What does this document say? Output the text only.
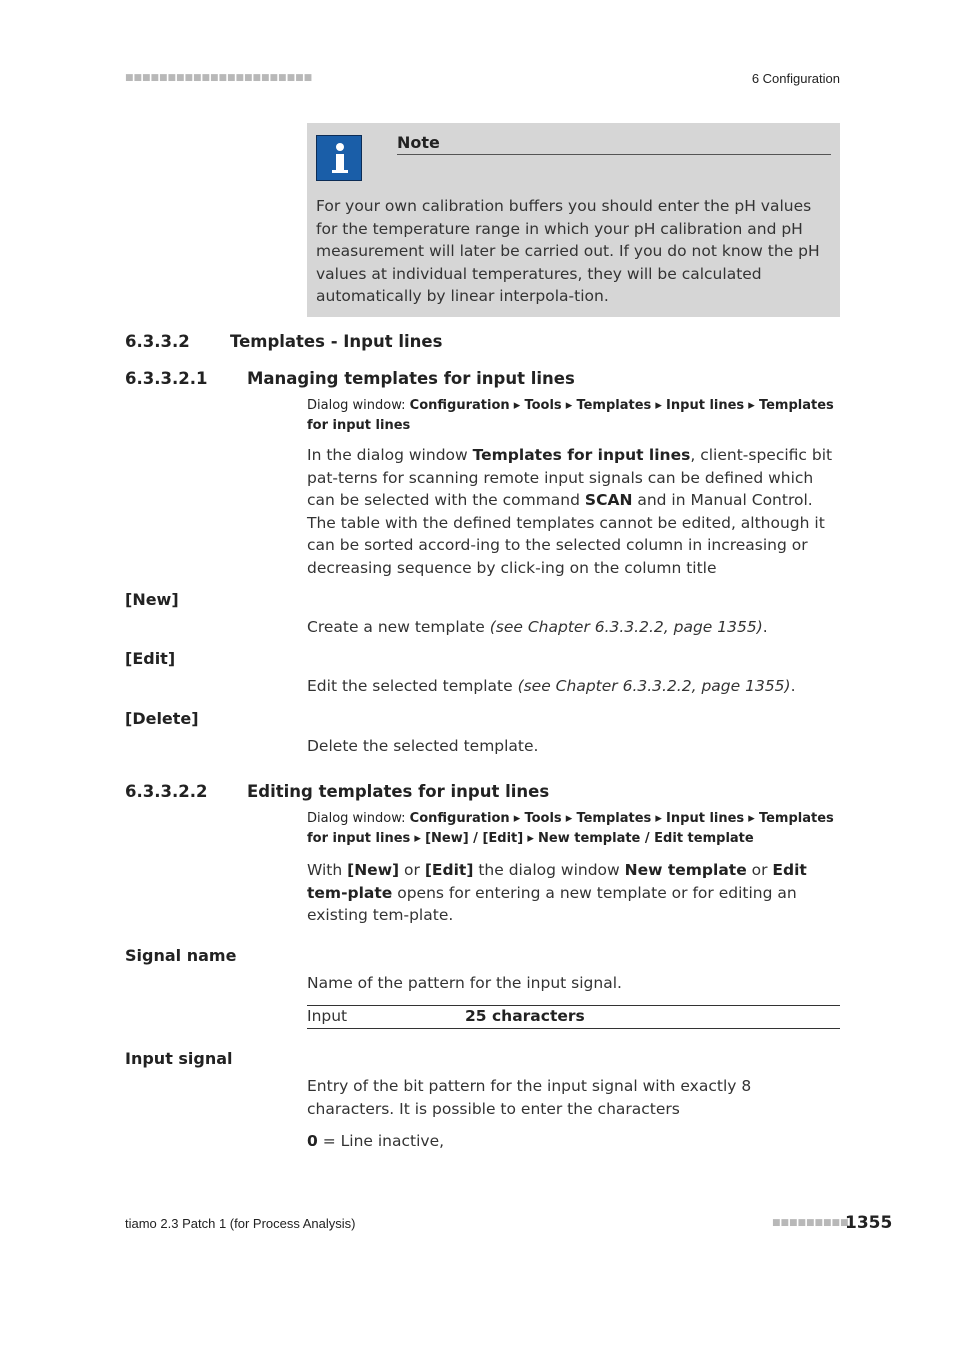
■■■■■■■■■■■■■■■■■■■■■■	6 Configuration
Note
For your own calibration buffers you should enter the pH values for the temperature range in which your pH calibration and pH measurement will later be carried out. If you do not know the pH values at individual temperatures, they will be calculated automatically by linear interpola-tion.
6.3.3.2 Templates - Input lines
6.3.3.2.1 Managing templates for input lines
Dialog window: Configuration ▸ Tools ▸ Templates ▸ Input lines ▸ Templates for input lines
In the dialog window Templates for input lines, client-specific bit pat-terns for scanning remote input signals can be defined which can be selected with the command SCAN and in Manual Control. The table with the defined templates cannot be edited, although it can be sorted accord-ing to the selected column in increasing or decreasing sequence by click-ing on the column title
[New]
Create a new template (see Chapter 6.3.3.2.2, page 1355).
[Edit]
Edit the selected template (see Chapter 6.3.3.2.2, page 1355).
[Delete]
Delete the selected template.
6.3.3.2.2 Editing templates for input lines
Dialog window: Configuration ▸ Tools ▸ Templates ▸ Input lines ▸ Templates for input lines ▸ [New] / [Edit] ▸ New template / Edit template
With [New] or [Edit] the dialog window New template or Edit tem-plate opens for entering a new template or for editing an existing tem-plate.
Signal name
Name of the pattern for the input signal.
Input	25 characters
Input signal
Entry of the bit pattern for the input signal with exactly 8 characters. It is possible to enter the characters
0 = Line inactive,
tiamo 2.3 Patch 1 (for Process Analysis)	■■■■■■■■■
1355
